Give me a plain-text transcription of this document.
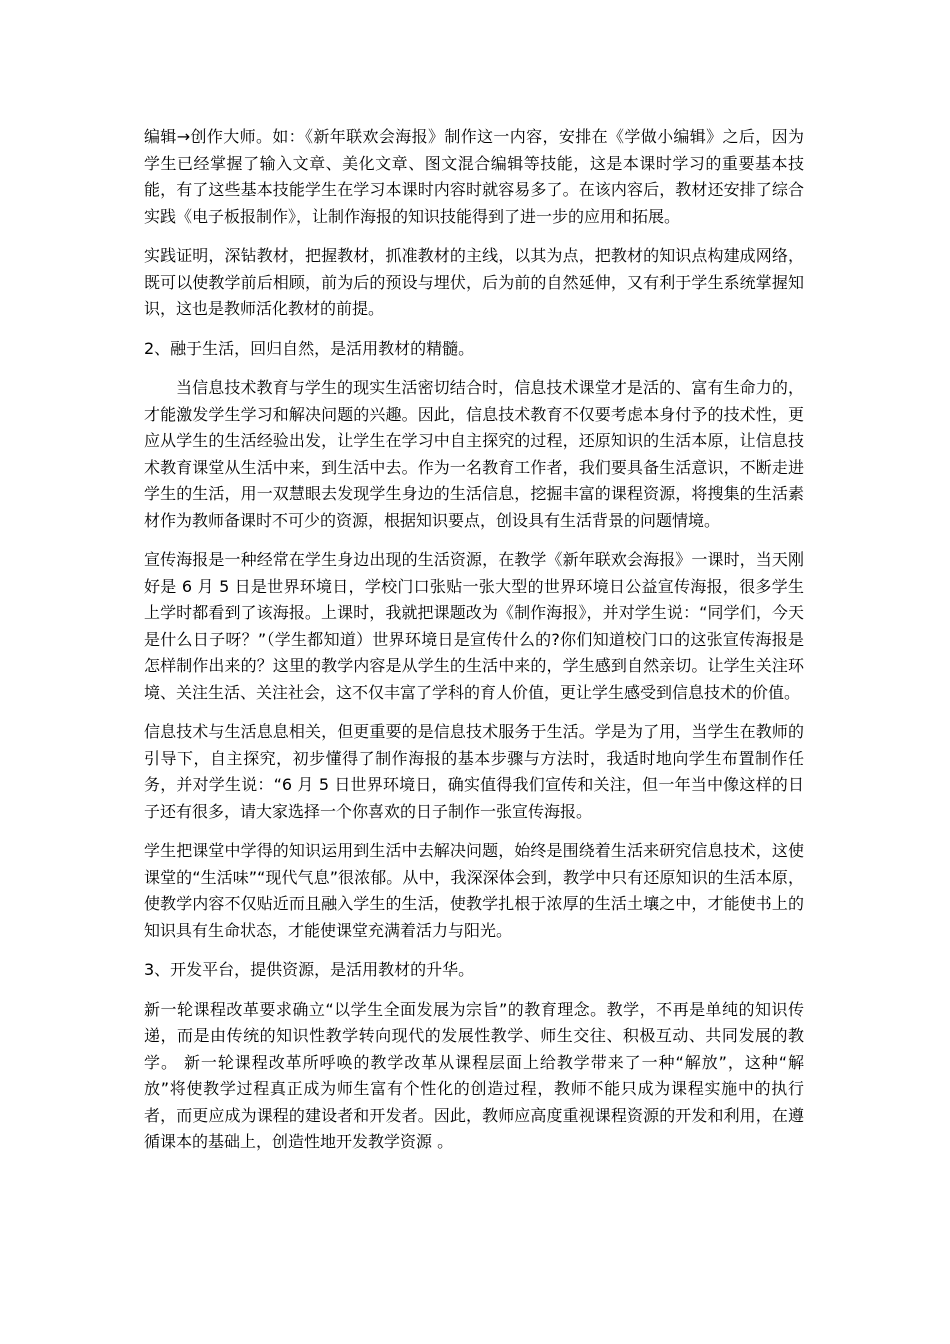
编辑→创作大师。如：《新年联欢会海报》制作这一内容，安排在《学做小编辑》之后，因为学生已经掌握了输入文章、美化文章、图文混合编辑等技能，这是本课时学习的重要基本技能，有了这些基本技能学生在学习本课时内容时就容易多了。在该内容后，教材还安排了综合实践《电子板报制作》，让制作海报的知识技能得到了进一步的应用和拓展。

实践证明，深钻教材，把握教材，抓准教材的主线，以其为点，把教材的知识点构建成网络，既可以使教学前后相顾，前为后的预设与埋伏，后为前的自然延伸，又有利于学生系统掌握知识，这也是教师活化教材的前提。

2、融于生活，回归自然，是活用教材的精髓。

当信息技术教育与学生的现实生活密切结合时，信息技术课堂才是活的、富有生命力的，才能激发学生学习和解决问题的兴趣。因此，信息技术教育不仅要考虑本身付予的技术性，更应从学生的生活经验出发，让学生在学习中自主探究的过程，还原知识的生活本原，让信息技术教育课堂从生活中来，到生活中去。作为一名教育工作者，我们要具备生活意识，不断走进学生的生活，用一双慧眼去发现学生身边的生活信息，挖掘丰富的课程资源，将搜集的生活素材作为教师备课时不可少的资源，根据知识要点，创设具有生活背景的问题情境。

宣传海报是一种经常在学生身边出现的生活资源，在教学《新年联欢会海报》一课时，当天刚好是 6 月 5 日是世界环境日，学校门口张贴一张大型的世界环境日公益宣传海报，很多学生上学时都看到了该海报。上课时，我就把课题改为《制作海报》，并对学生说：“同学们，今天是什么日子呀？”（学生都知道）世界环境日是宣传什么的?你们知道校门口的这张宣传海报是怎样制作出来的？这里的教学内容是从学生的生活中来的，学生感到自然亲切。让学生关注环境、关注生活、关注社会，这不仅丰富了学科的育人价值，更让学生感受到信息技术的价值。

信息技术与生活息息相关，但更重要的是信息技术服务于生活。学是为了用，当学生在教师的引导下，自主探究，初步懂得了制作海报的基本步骤与方法时，我适时地向学生布置制作任务，并对学生说：“6 月 5 日世界环境日，确实值得我们宣传和关注，但一年当中像这样的日子还有很多，请大家选择一个你喜欢的日子制作一张宣传海报。

学生把课堂中学得的知识运用到生活中去解决问题，始终是围绕着生活来研究信息技术，这使课堂的“生活味”“现代气息”很浓郁。从中，我深深体会到，教学中只有还原知识的生活本原，使教学内容不仅贴近而且融入学生的生活，使教学扎根于浓厚的生活土壤之中，才能使书上的知识具有生命状态，才能使课堂充满着活力与阳光。

3、开发平台，提供资源，是活用教材的升华。

新一轮课程改革要求确立“以学生全面发展为宗旨”的教育理念。教学，不再是单纯的知识传递，而是由传统的知识性教学转向现代的发展性教学、师生交往、积极互动、共同发展的教学。 新一轮课程改革所呼唤的教学改革从课程层面上给教学带来了一种“解放”，这种“解放”将使教学过程真正成为师生富有个性化的创造过程，教师不能只成为课程实施中的执行者，而更应成为课程的建设者和开发者。因此，教师应高度重视课程资源的开发和利用，在遵循课本的基础上，创造性地开发教学资源 。
